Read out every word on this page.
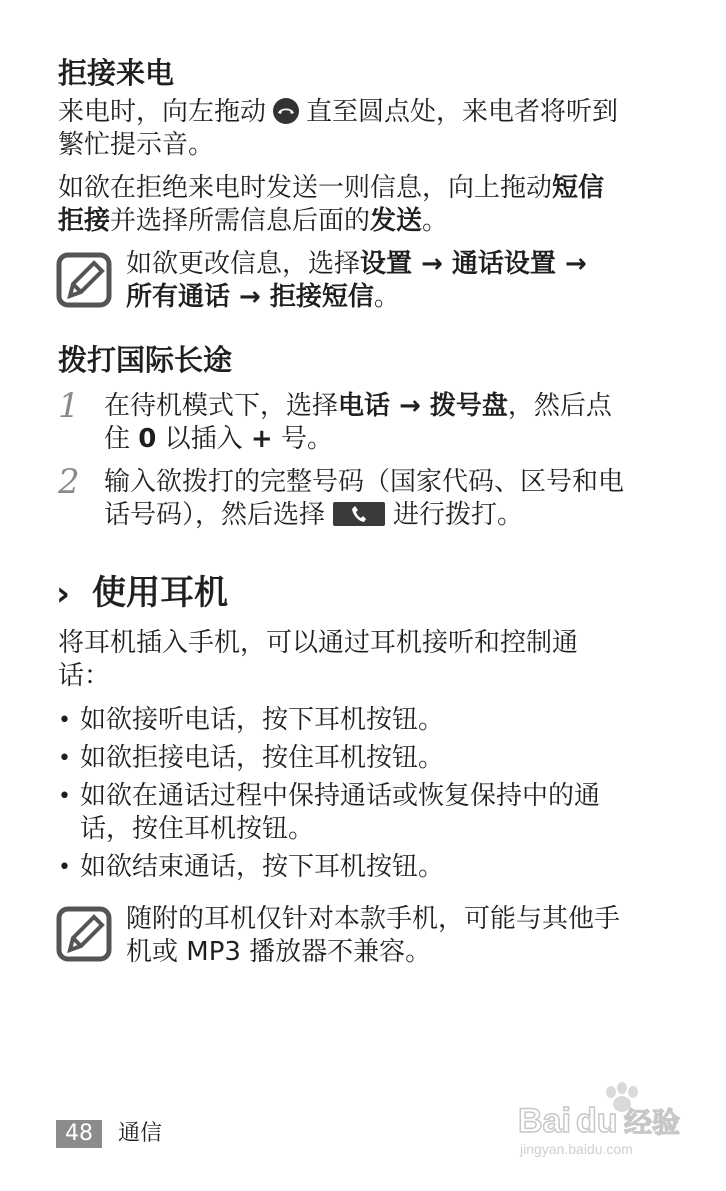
拒接来电
来电时，向左拖动 直至圆点处，来电者将听到
繁忙提示音。
如欲在拒绝来电时发送一则信息，向上拖动短信
拒接并选择所需信息后面的发送。
如欲更改信息，选择设置 → 通话设置 →
所有通话 → 拒接短信。
拨打国际长途
1 在待机模式下，选择电话 → 拨号盘，然后点
住 0 以插入 + 号。
2 输入欲拨打的完整号码（国家代码、区号和电
话号码），然后选择	进行拨打。
› 使用耳机
将耳机插入手机，可以通过耳机接听和控制通
话：
• 如欲接听电话，按下耳机按钮。
• 如欲拒接电话，按住耳机按钮。
• 如欲在通话过程中保持通话或恢复保持中的通
话，按住耳机按钮。
• 如欲结束通话，按下耳机按钮。
随附的耳机仅针对本款手机，可能与其他手
机或 MP3 播放器不兼容。
48	通信	Bai du 经验
jingyan.baidu.com
